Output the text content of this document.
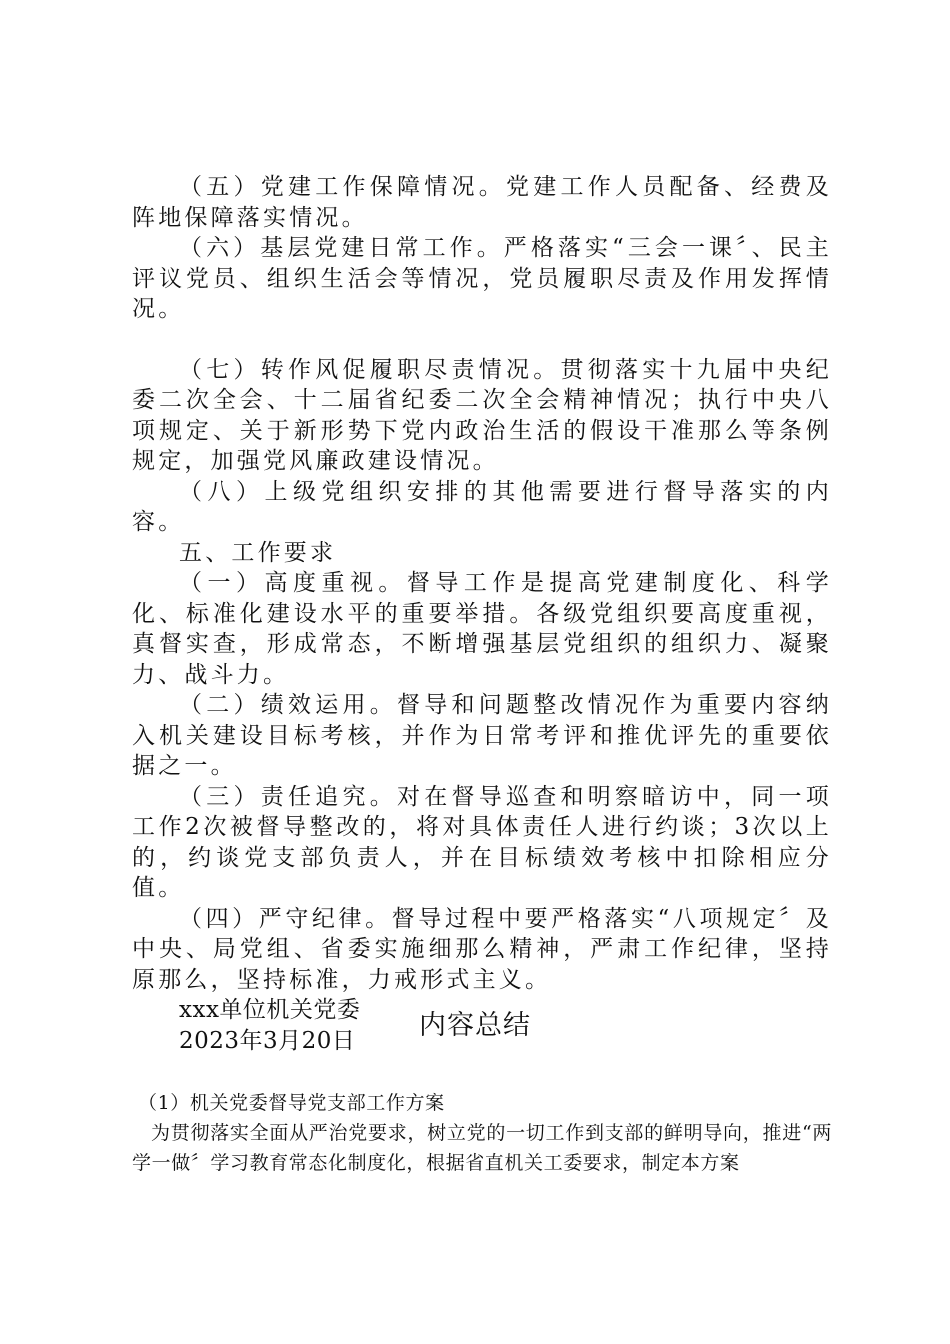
（五）党建工作保障情况。党建工作人员配备、经费及阵地保障落实情况。

（六）基层党建日常工作。严格落实“三会一课〞、民主评议党员、组织生活会等情况，党员履职尽责及作用发挥情况。

（七）转作风促履职尽责情况。贯彻落实十九届中央纪委二次全会、十二届省纪委二次全会精神情况；执行中央八项规定、关于新形势下党内政治生活的假设干准那么等条例规定，加强党风廉政建设情况。

（八）上级党组织安排的其他需要进行督导落实的内容。

五、工作要求

（一）高度重视。督导工作是提高党建制度化、科学化、标准化建设水平的重要举措。各级党组织要高度重视，真督实查，形成常态，不断增强基层党组织的组织力、凝聚力、战斗力。

（二）绩效运用。督导和问题整改情况作为重要内容纳入机关建设目标考核，并作为日常考评和推优评先的重要依据之一。

（三）责任追究。对在督导巡查和明察暗访中，同一项工作2次被督导整改的，将对具体责任人进行约谈；3次以上的，约谈党支部负责人，并在目标绩效考核中扣除相应分值。

（四）严守纪律。督导过程中要严格落实“八项规定〞及中央、局党组、省委实施细那么精神，严肃工作纪律，坚持原那么，坚持标准，力戒形式主义。

xxx单位机关党委

2023年3月20日	内容总结

（1）机关党委督导党支部工作方案

为贯彻落实全面从严治党要求，树立党的一切工作到支部的鲜明导向，推进“两学一做〞学习教育常态化制度化，根据省直机关工委要求，制定本方案
